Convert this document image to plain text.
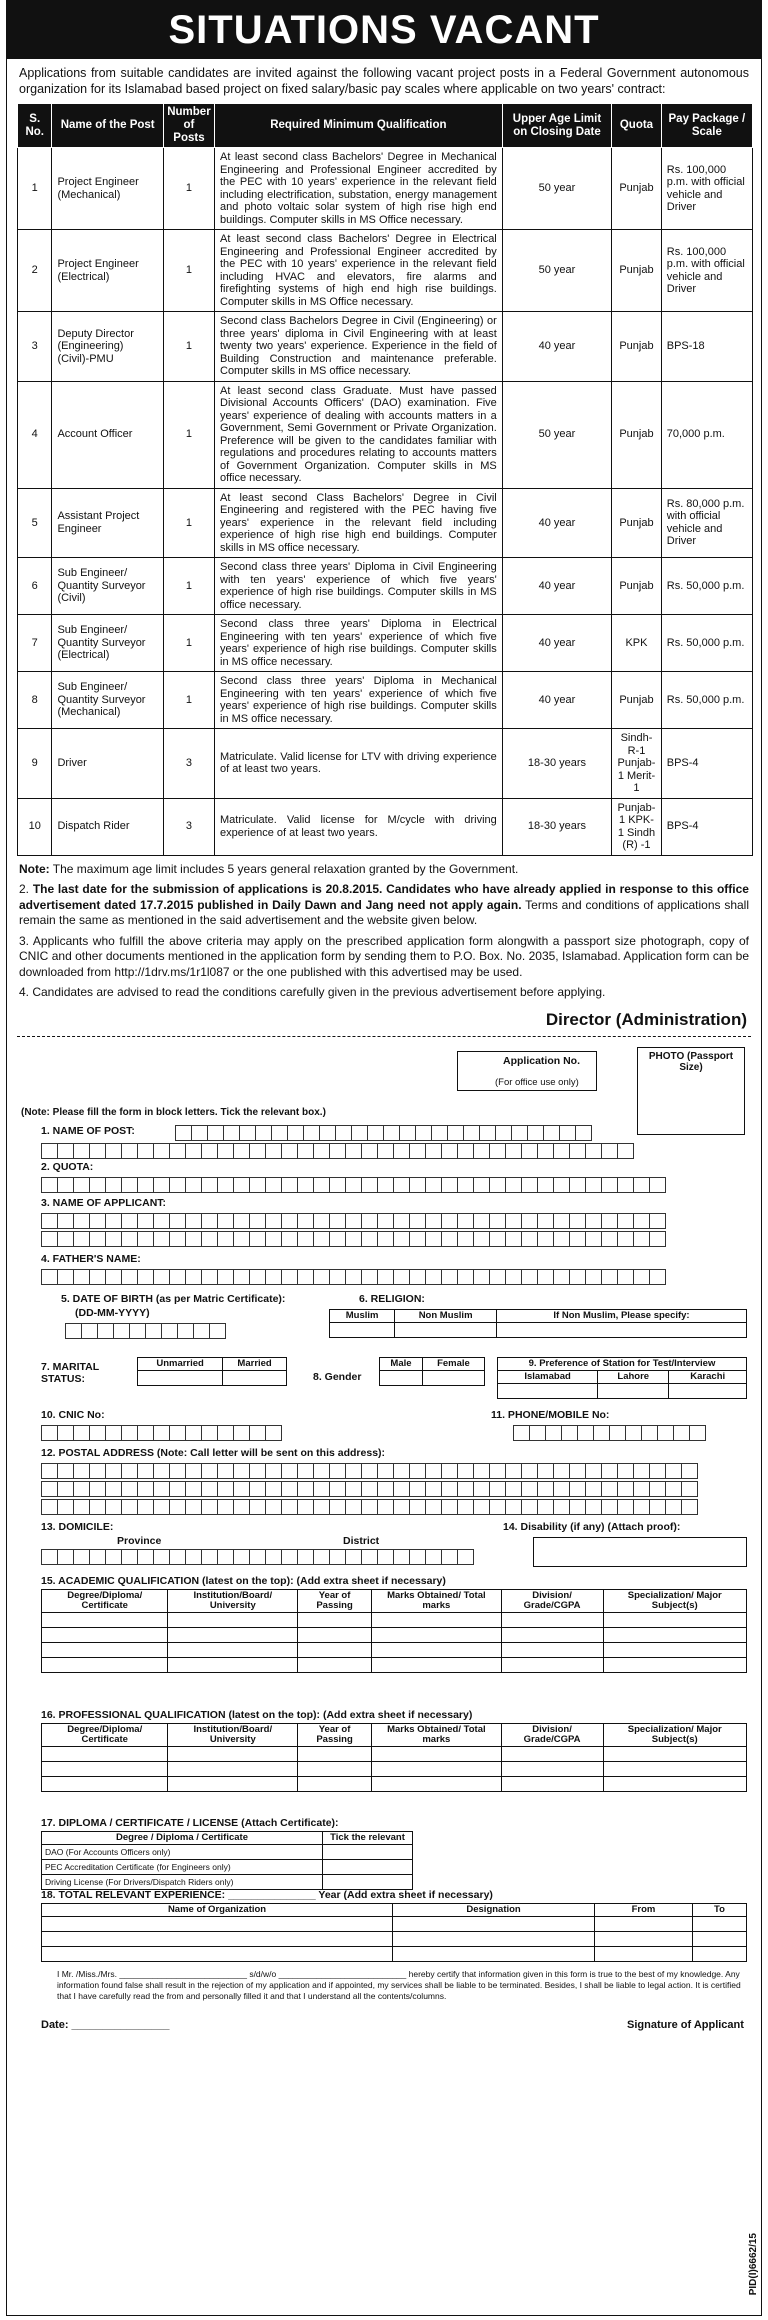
SITUATIONS VACANT
Applications from suitable candidates are invited against the following vacant project posts in a Federal Government autonomous organization for its Islamabad based project on fixed salary/basic pay scales where applicable on two years' contract:
S. No.	Name of the Post	Number of Posts	Required Minimum Qualification	Upper Age Limit on Closing Date	Quota	Pay Package / Scale
1	Project Engineer (Mechanical)	1	At least second class Bachelors' Degree in Mechanical Engineering and Professional Engineer accredited by the PEC with 10 years' experience in the relevant field including electrification, substation, energy management and photo voltaic solar system of high rise high end buildings. Computer skills in MS Office necessary.	50 year	Punjab	Rs. 100,000 p.m. with official vehicle and Driver
2	Project Engineer (Electrical)	1	At least second class Bachelors' Degree in Electrical Engineering and Professional Engineer accredited by the PEC with 10 years' experience in the relevant field including HVAC and elevators, fire alarms and firefighting systems of high end high rise buildings. Computer skills in MS Office necessary.	50 year	Punjab	Rs. 100,000 p.m. with official vehicle and Driver
3	Deputy Director (Engineering) (Civil)-PMU	1	Second class Bachelors Degree in Civil (Engineering) or three years' diploma in Civil Engineering with at least twenty two years' experience. Experience in the field of Building Construction and maintenance preferable. Computer skills in MS office necessary.	40 year	Punjab	BPS-18
4	Account Officer	1	At least second class Graduate. Must have passed Divisional Accounts Officers' (DAO) examination. Five years' experience of dealing with accounts matters in a Government, Semi Government or Private Organization. Preference will be given to the candidates familiar with regulations and procedures relating to accounts matters of Government Organization. Computer skills in MS office necessary.	50 year	Punjab	70,000 p.m.
5	Assistant Project Engineer	1	At least second Class Bachelors' Degree in Civil Engineering and registered with the PEC having five years' experience in the relevant field including experience of high rise high end buildings. Computer skills in MS office necessary.	40 year	Punjab	Rs. 80,000 p.m. with official vehicle and Driver
6	Sub Engineer/ Quantity Surveyor (Civil)	1	Second class three years' Diploma in Civil Engineering with ten years' experience of which five years' experience of high rise buildings. Computer skills in MS office necessary.	40 year	Punjab	Rs. 50,000 p.m.
7	Sub Engineer/ Quantity Surveyor (Electrical)	1	Second class three years' Diploma in Electrical Engineering with ten years' experience of which five years' experience of high rise buildings. Computer skills in MS office necessary.	40 year	KPK	Rs. 50,000 p.m.
8	Sub Engineer/ Quantity Surveyor (Mechanical)	1	Second class three years' Diploma in Mechanical Engineering with ten years' experience of which five years' experience of high rise buildings. Computer skills in MS office necessary.	40 year	Punjab	Rs. 50,000 p.m.
9	Driver	3	Matriculate. Valid license for LTV with driving experience of at least two years.	18-30 years	Sindh-R-1 Punjab-1 Merit-1	BPS-4
10	Dispatch Rider	3	Matriculate. Valid license for M/cycle with driving experience of at least two years.	18-30 years	Punjab-1 KPK-1 Sindh (R) -1	BPS-4

Note: The maximum age limit includes 5 years general relaxation granted by the Government.

2. The last date for the submission of applications is 20.8.2015. Candidates who have already applied in response to this office advertisement dated 17.7.2015 published in Daily Dawn and Jang need not apply again. Terms and conditions of applications shall remain the same as mentioned in the said advertisement and the website given below.

3. Applicants who fulfill the above criteria may apply on the prescribed application form alongwith a passport size photograph, copy of CNIC and other documents mentioned in the application form by sending them to P.O. Box. No. 2035, Islamabad. Application form can be downloaded from http://1drv.ms/1r1l087 or the one published with this advertised may be used.

4. Candidates are advised to read the conditions carefully given in the previous advertisement before applying.

Director (Administration)
Application No.
(For office use only)
PHOTO (Passport Size)
(Note: Please fill the form in block letters. Tick the relevant box.)
1. NAME OF POST:
2. QUOTA:
3. NAME OF APPLICANT:
4. FATHER'S NAME:
5. DATE OF BIRTH (as per Matric Certificate):
(DD-MM-YYYY)
6. RELIGION:
Muslim	Non Muslim	If Non Muslim, Please specify:

7. MARITAL STATUS:
Unmarried	Married

8. Gender
Male	Female
		9. Preference of Station for Test/Interview		
Islamabad	Lahore	Karachi

10. CNIC No:	11. PHONE/MOBILE No:
12. POSTAL ADDRESS (Note: Call letter will be sent on this address):
13. DOMICILE:
Province	District
14. Disability (if any) (Attach proof):
15. ACADEMIC QUALIFICATION (latest on the top): (Add extra sheet if necessary)
Degree/Diploma/ Certificate	Institution/Board/ University	Year of Passing	Marks Obtained/ Total marks	Division/ Grade/CGPA	Specialization/ Major Subject(s)

16. PROFESSIONAL QUALIFICATION (latest on the top): (Add extra sheet if necessary)
Degree/Diploma/ Certificate	Institution/Board/ University	Year of Passing	Marks Obtained/ Total marks	Division/ Grade/CGPA	Specialization/ Major Subject(s)

17. DIPLOMA / CERTIFICATE / LICENSE (Attach Certificate):
Degree / Diploma / Certificate	Tick the relevant
DAO (For Accounts Officers only)	
PEC Accreditation Certificate (for Engineers only)	
Driving License (For Drivers/Dispatch Riders only)	
18. TOTAL RELEVANT EXPERIENCE: _______________ Year (Add extra sheet if necessary)
Name of Organization	Designation	From	To

I Mr. /Miss./Mrs. ___________________________ s/d/w/o ___________________________ hereby certify that information given in this form is true to the best of my knowledge. Any information found false shall result in the rejection of my application and if appointed, my services shall be liable to be terminated. Besides, I shall be liable to legal action. It is certified that I have carefully read the from and personally filled it and that I understand all the contents/columns.
Date: ________________	Signature of Applicant
PID(I)6662/15
